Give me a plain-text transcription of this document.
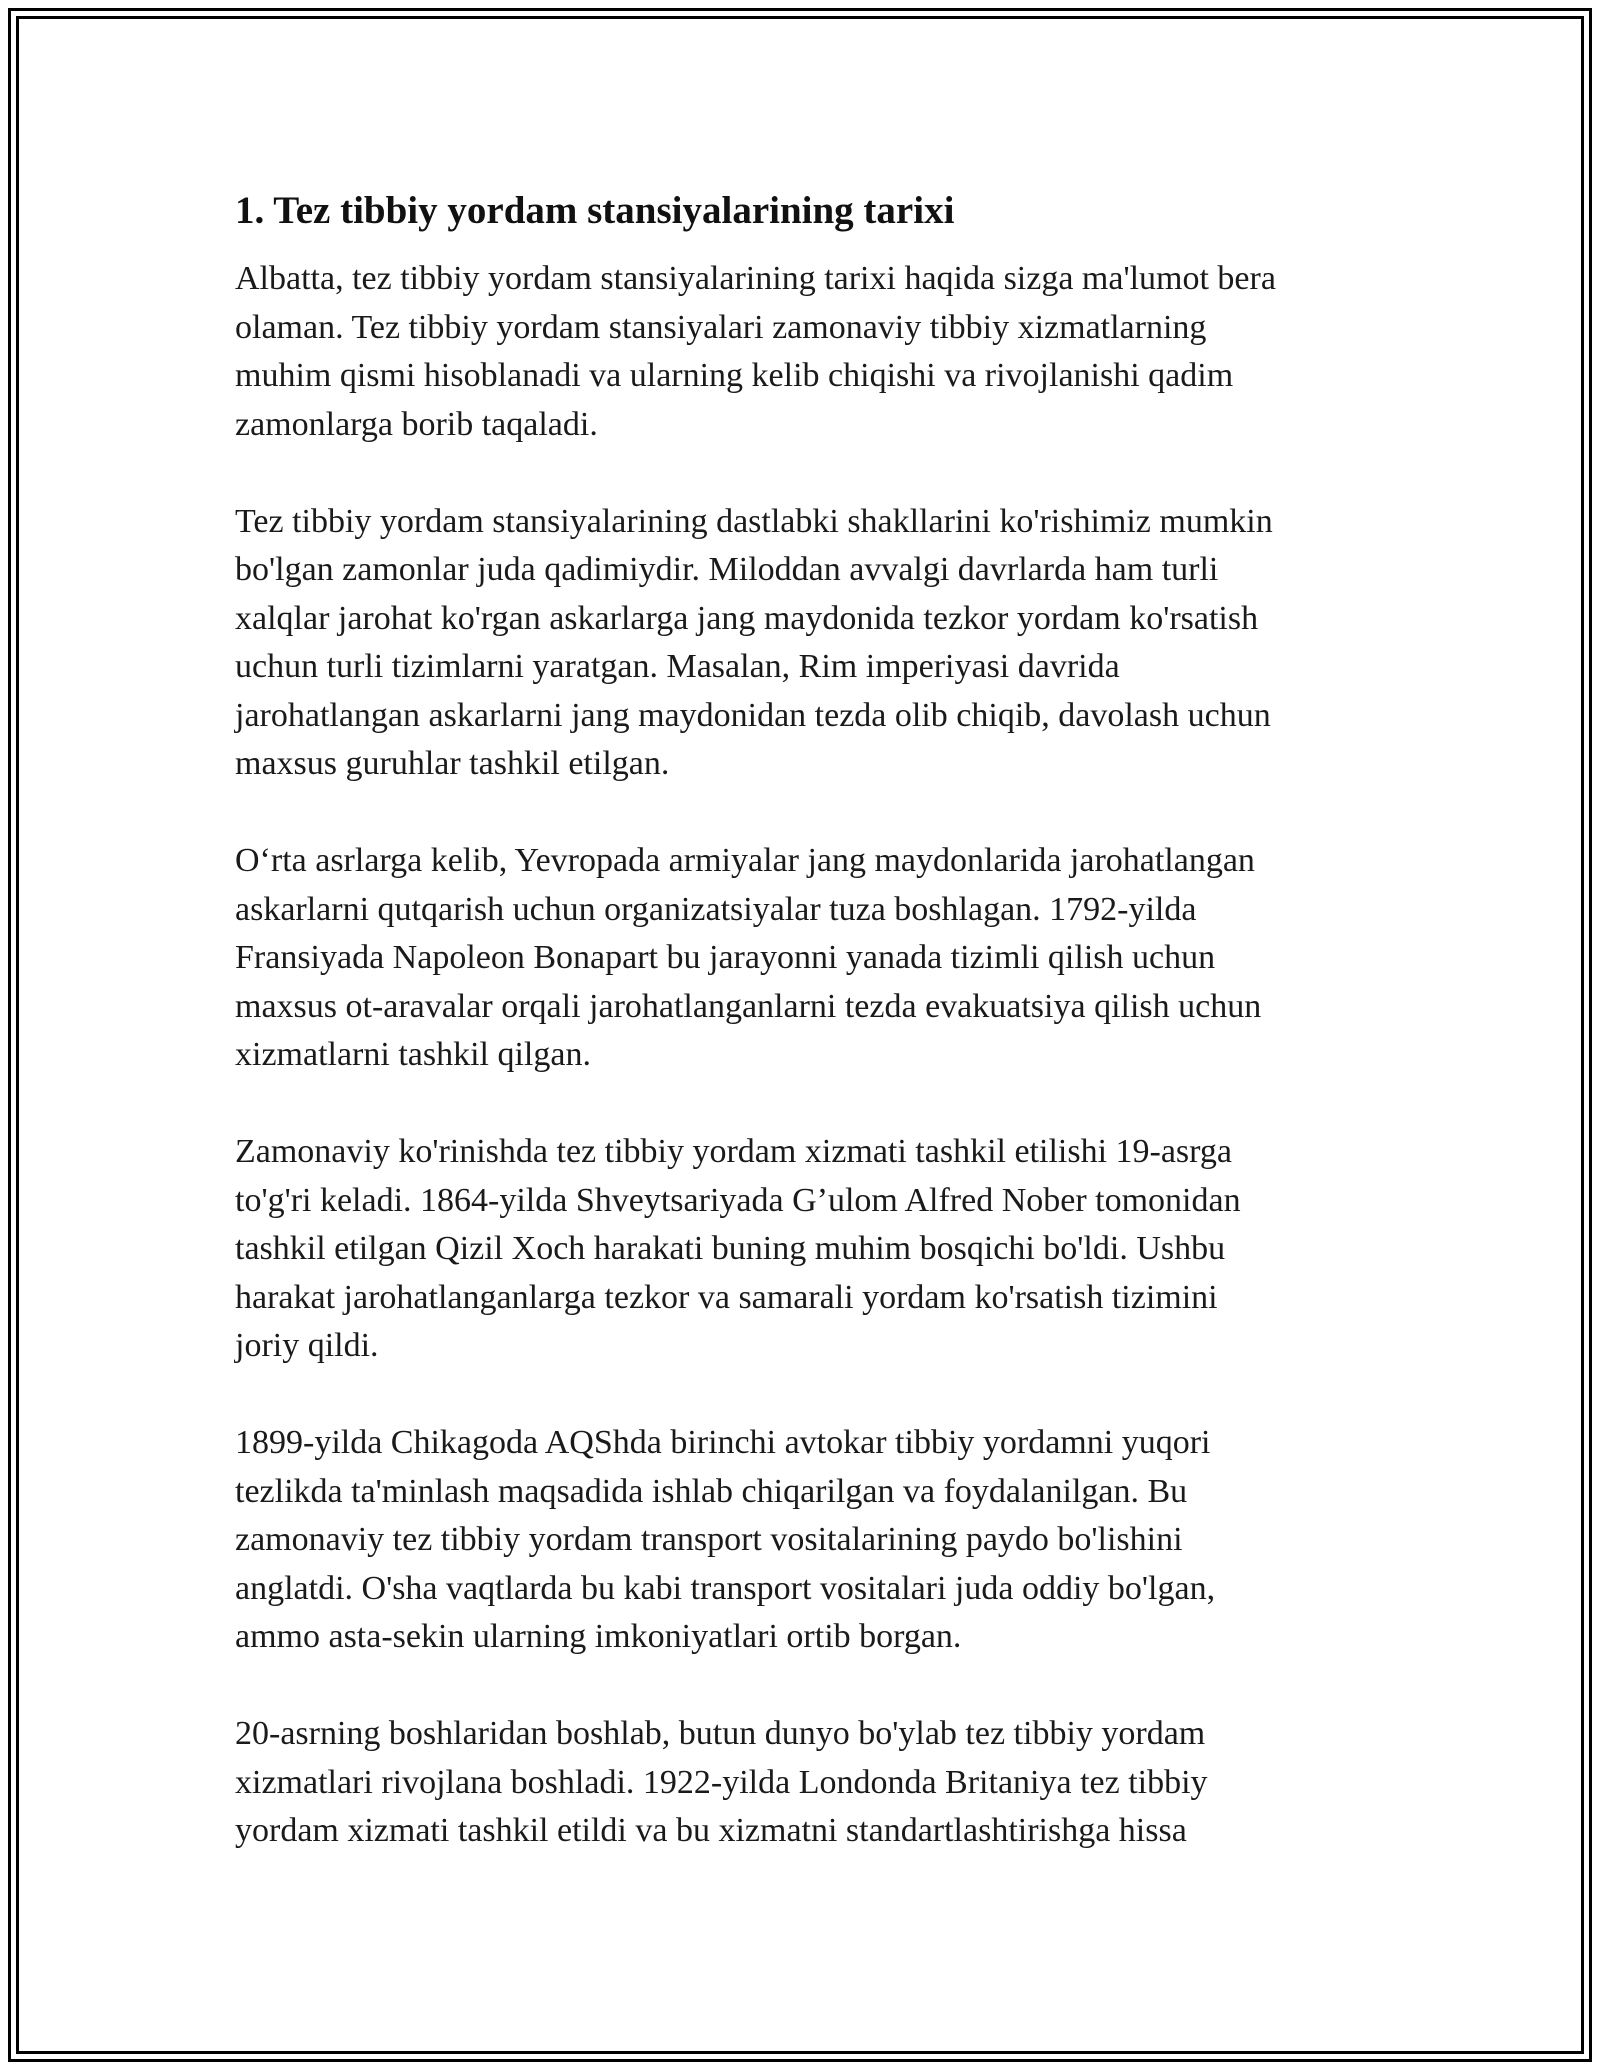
1. Tez tibbiy yordam stansiyalarining tarixi

Albatta, tez tibbiy yordam stansiyalarining tarixi haqida sizga ma'lumot bera
olaman. Tez tibbiy yordam stansiyalari zamonaviy tibbiy xizmatlarning
muhim qismi hisoblanadi va ularning kelib chiqishi va rivojlanishi qadim
zamonlarga borib taqaladi.

Tez tibbiy yordam stansiyalarining dastlabki shakllarini ko'rishimiz mumkin
bo'lgan zamonlar juda qadimiydir. Miloddan avvalgi davrlarda ham turli
xalqlar jarohat ko'rgan askarlarga jang maydonida tezkor yordam ko'rsatish
uchun turli tizimlarni yaratgan. Masalan, Rim imperiyasi davrida
jarohatlangan askarlarni jang maydonidan tezda olib chiqib, davolash uchun
maxsus guruhlar tashkil etilgan.

O‘rta asrlarga kelib, Yevropada armiyalar jang maydonlarida jarohatlangan
askarlarni qutqarish uchun organizatsiyalar tuza boshlagan. 1792-yilda
Fransiyada Napoleon Bonapart bu jarayonni yanada tizimli qilish uchun
maxsus ot-aravalar orqali jarohatlanganlarni tezda evakuatsiya qilish uchun
xizmatlarni tashkil qilgan.

Zamonaviy ko'rinishda tez tibbiy yordam xizmati tashkil etilishi 19-asrga
to'g'ri keladi. 1864-yilda Shveytsariyada G’ulom Alfred Nober tomonidan
tashkil etilgan Qizil Xoch harakati buning muhim bosqichi bo'ldi. Ushbu
harakat jarohatlanganlarga tezkor va samarali yordam ko'rsatish tizimini
joriy qildi.

1899-yilda Chikagoda AQShda birinchi avtokar tibbiy yordamni yuqori
tezlikda ta'minlash maqsadida ishlab chiqarilgan va foydalanilgan. Bu
zamonaviy tez tibbiy yordam transport vositalarining paydo bo'lishini
anglatdi. O'sha vaqtlarda bu kabi transport vositalari juda oddiy bo'lgan,
ammo asta-sekin ularning imkoniyatlari ortib borgan.

20-asrning boshlaridan boshlab, butun dunyo bo'ylab tez tibbiy yordam
xizmatlari rivojlana boshladi. 1922-yilda Londonda Britaniya tez tibbiy
yordam xizmati tashkil etildi va bu xizmatni standartlashtirishga hissa
